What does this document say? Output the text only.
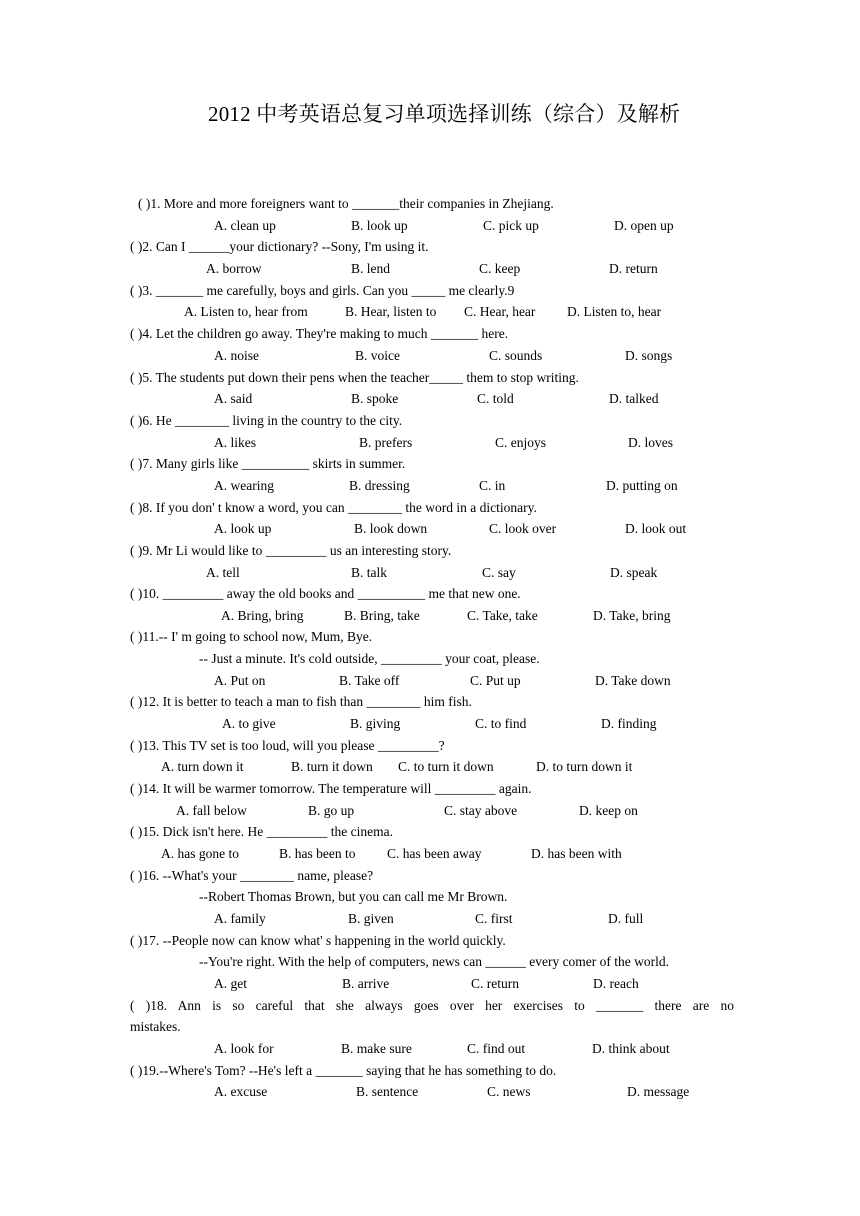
2012 中考英语总复习单项选择训练（综合）及解析
( )1. More and more foreigners want to _______their companies in Zhejiang.
A. clean up	B. look up	C. pick up	D. open up
( )2. Can I ______your dictionary? --Sony, I'm using it.
A. borrow	B. lend	C. keep	D. return
( )3. _______ me carefully, boys and girls. Can you _____ me clearly.9
A. Listen to, hear from	B. Hear, listen to C. Hear, hear D. Listen to, hear
( )4. Let the children go away. They're making to much _______ here.
A. noise	B. voice	C. sounds	D. songs
( )5. The students put down their pens when the teacher_____ them to stop writing.
A. said	B. spoke	C. told	D. talked
( )6. He ________ living in the country to the city.
A. likes	B. prefers	C. enjoys	D. loves
( )7. Many girls like __________ skirts in summer.
A. wearing	B. dressing	C. in	D. putting on
( )8. If you don' t know a word, you can ________ the word in a dictionary.
A. look up	B. look down	C. look over	D. look out
( )9. Mr Li would like to _________ us an interesting story.
A. tell	B. talk	C. say	D. speak
( )10. _________ away the old books and __________ me that new one.
A. Bring, bring	B. Bring, take	C. Take, take	D. Take, bring
( )11.-- I' m going to school now, Mum, Bye.
-- Just a minute. It's cold outside, _________ your coat, please.
A. Put on	B. Take off	C. Put up	D. Take down
( )12. It is better to teach a man to fish than ________ him fish.
A. to give	B. giving	C. to find	D. finding
( )13. This TV set is too loud, will you please _________?
A. turn down it	B. turn it down C. to turn it down	D. to turn down it
( )14. It will be warmer tomorrow. The temperature will _________ again.
A. fall below	B. go up	C. stay above	D. keep on
( )15. Dick isn't here. He _________ the cinema.
A. has gone to	B. has been to C. has been away	D. has been with
( )16. --What's your ________ name, please?
--Robert Thomas Brown, but you can call me Mr Brown.
A. family	B. given	C. first	D. full
( )17. --People now can know what' s happening in the world quickly.
--You're right. With the help of computers, news can ______ every comer of the world.
A. get	B. arrive	C. return	D. reach
( )18. Ann is so careful that she always goes over her exercises to _______ there are no
mistakes.
A. look for	B. make sure	C. find out	D. think about
( )19.--Where's Tom? --He's left a _______ saying that he has something to do.
A. excuse	B. sentence	C. news	D. message
